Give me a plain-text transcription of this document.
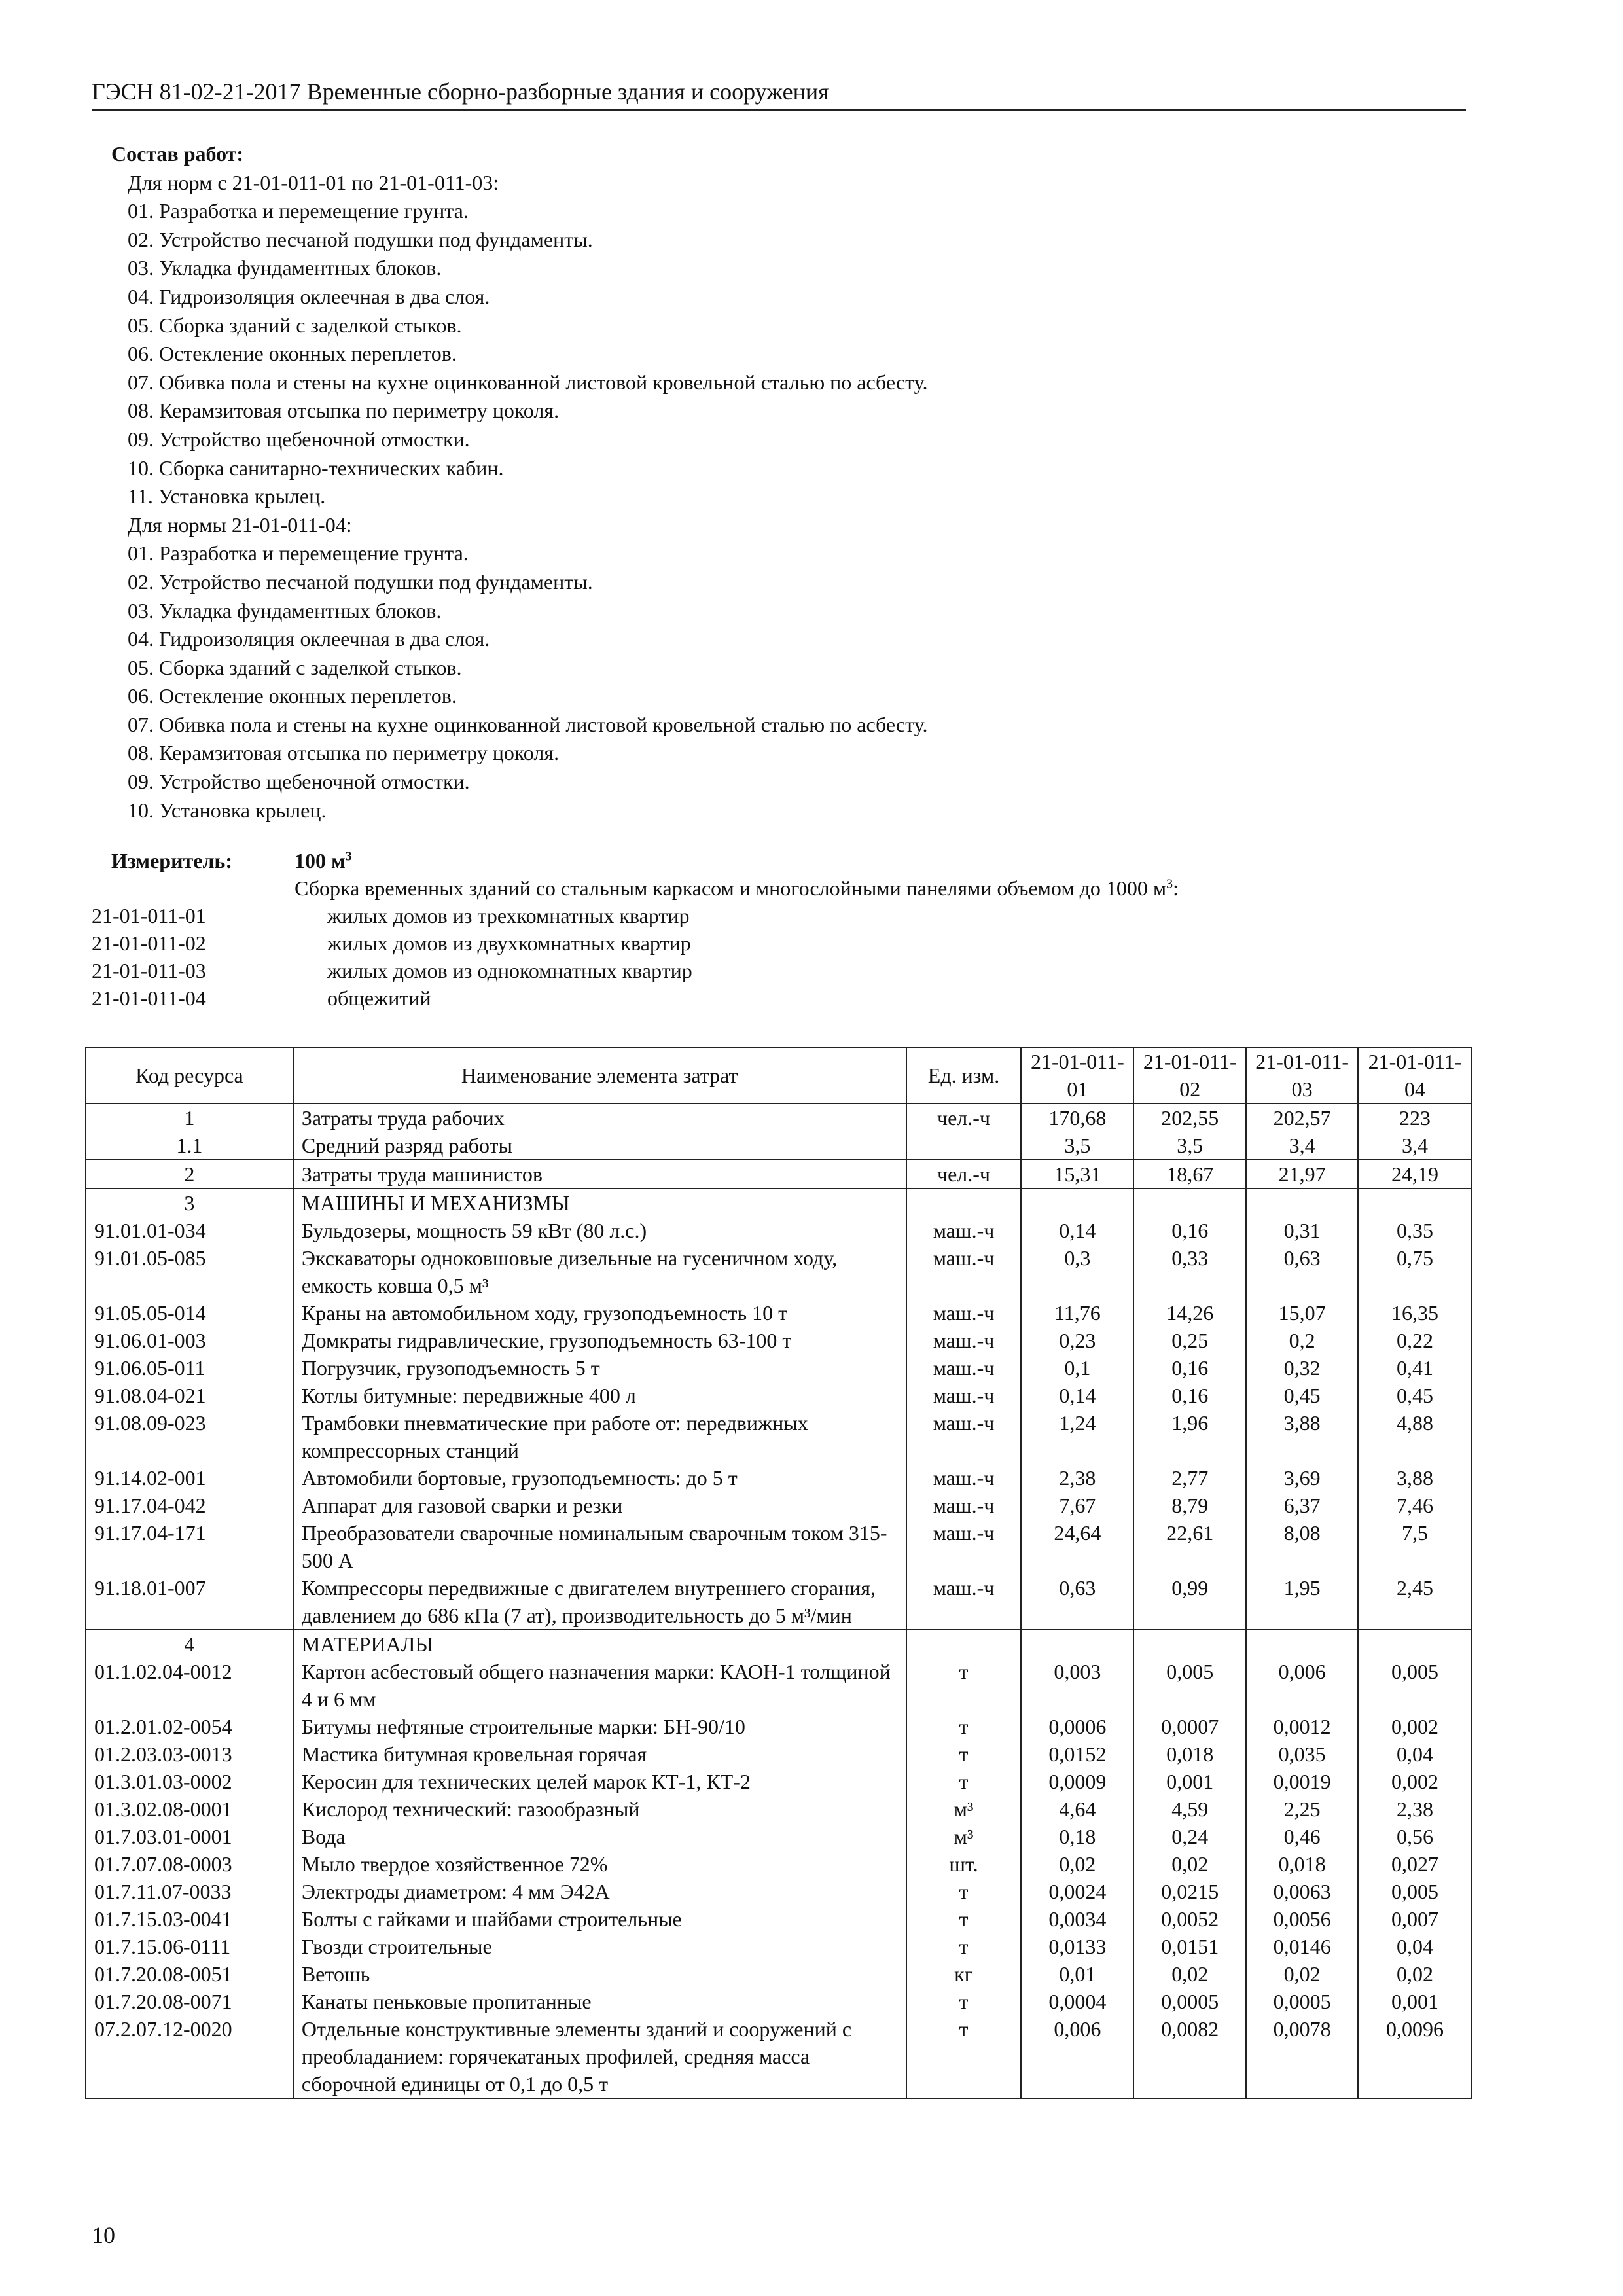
ГЭСН 81-02-21-2017 Временные сборно-разборные здания и сооружения
Состав работ:
Для норм с 21-01-011-01 по 21-01-011-03:
01. Разработка и перемещение грунта.
02. Устройство песчаной подушки под фундаменты.
03. Укладка фундаментных блоков.
04. Гидроизоляция оклеечная в два слоя.
05. Сборка зданий с заделкой стыков.
06. Остекление оконных переплетов.
07. Обивка пола и стены на кухне оцинкованной листовой кровельной сталью по асбесту.
08. Керамзитовая отсыпка по периметру цоколя.
09. Устройство щебеночной отмостки.
10. Сборка санитарно-технических кабин.
11. Установка крылец.
Для нормы 21-01-011-04:
01. Разработка и перемещение грунта.
02. Устройство песчаной подушки под фундаменты.
03. Укладка фундаментных блоков.
04. Гидроизоляция оклеечная в два слоя.
05. Сборка зданий с заделкой стыков.
06. Остекление оконных переплетов.
07. Обивка пола и стены на кухне оцинкованной листовой кровельной сталью по асбесту.
08. Керамзитовая отсыпка по периметру цоколя.
09. Устройство щебеночной отмостки.
10. Установка крылец.
Измеритель:	100 $м^3$
Сборка временных зданий со стальным каркасом и многослойными панелями объемом до 1000 $м^3$:
21-01-011-01	жилых домов из трехкомнатных квартир
21-01-011-02	жилых домов из двухкомнатных квартир
21-01-011-03	жилых домов из однокомнатных квартир
21-01-011-04	общежитий
Код ресурса	Наименование элемента затрат	Ед. изм.	21-01-011-01	21-01-011-02	21-01-011-03	21-01-011-04
1	Затраты труда рабочих	чел.-ч	170,68	202,55	202,57	223
1.1	Средний разряд работы		3,5	3,5	3,4	3,4
2	Затраты труда машинистов	чел.-ч	15,31	18,67	21,97	24,19
3	МАШИНЫ И МЕХАНИЗМЫ					
91.01.01-034	Бульдозеры, мощность 59 кВт (80 л.с.)	маш.-ч	0,14	0,16	0,31	0,35
91.01.05-085	Экскаваторы одноковшовые дизельные на гусеничном ходу, емкость ковша 0,5 м³	маш.-ч	0,3	0,33	0,63	0,75
91.05.05-014	Краны на автомобильном ходу, грузоподъемность 10 т	маш.-ч	11,76	14,26	15,07	16,35
91.06.01-003	Домкраты гидравлические, грузоподъемность 63-100 т	маш.-ч	0,23	0,25	0,2	0,22
91.06.05-011	Погрузчик, грузоподъемность 5 т	маш.-ч	0,1	0,16	0,32	0,41
91.08.04-021	Котлы битумные: передвижные 400 л	маш.-ч	0,14	0,16	0,45	0,45
91.08.09-023	Трамбовки пневматические при работе от: передвижных компрессорных станций	маш.-ч	1,24	1,96	3,88	4,88
91.14.02-001	Автомобили бортовые, грузоподъемность: до 5 т	маш.-ч	2,38	2,77	3,69	3,88
91.17.04-042	Аппарат для газовой сварки и резки	маш.-ч	7,67	8,79	6,37	7,46
91.17.04-171	Преобразователи сварочные номинальным сварочным током 315-500 А	маш.-ч	24,64	22,61	8,08	7,5
91.18.01-007	Компрессоры передвижные с двигателем внутреннего сгорания, давлением до 686 кПа (7 ат), производительность до 5 м³/мин	маш.-ч	0,63	0,99	1,95	2,45
4	МАТЕРИАЛЫ					
01.1.02.04-0012	Картон асбестовый общего назначения марки: КАОН-1 толщиной 4 и 6 мм	т	0,003	0,005	0,006	0,005
01.2.01.02-0054	Битумы нефтяные строительные марки: БН-90/10	т	0,0006	0,0007	0,0012	0,002
01.2.03.03-0013	Мастика битумная кровельная горячая	т	0,0152	0,018	0,035	0,04
01.3.01.03-0002	Керосин для технических целей марок КТ-1, КТ-2	т	0,0009	0,001	0,0019	0,002
01.3.02.08-0001	Кислород технический: газообразный	м³	4,64	4,59	2,25	2,38
01.7.03.01-0001	Вода	м³	0,18	0,24	0,46	0,56
01.7.07.08-0003	Мыло твердое хозяйственное 72%	шт.	0,02	0,02	0,018	0,027
01.7.11.07-0033	Электроды диаметром: 4 мм Э42А	т	0,0024	0,0215	0,0063	0,005
01.7.15.03-0041	Болты с гайками и шайбами строительные	т	0,0034	0,0052	0,0056	0,007
01.7.15.06-0111	Гвозди строительные	т	0,0133	0,0151	0,0146	0,04
01.7.20.08-0051	Ветошь	кг	0,01	0,02	0,02	0,02
01.7.20.08-0071	Канаты пеньковые пропитанные	т	0,0004	0,0005	0,0005	0,001
07.2.07.12-0020	Отдельные конструктивные элементы зданий и сооружений с преобладанием: горячекатаных профилей, средняя масса сборочной единицы от 0,1 до 0,5 т	т	0,006	0,0082	0,0078	0,0096
10
